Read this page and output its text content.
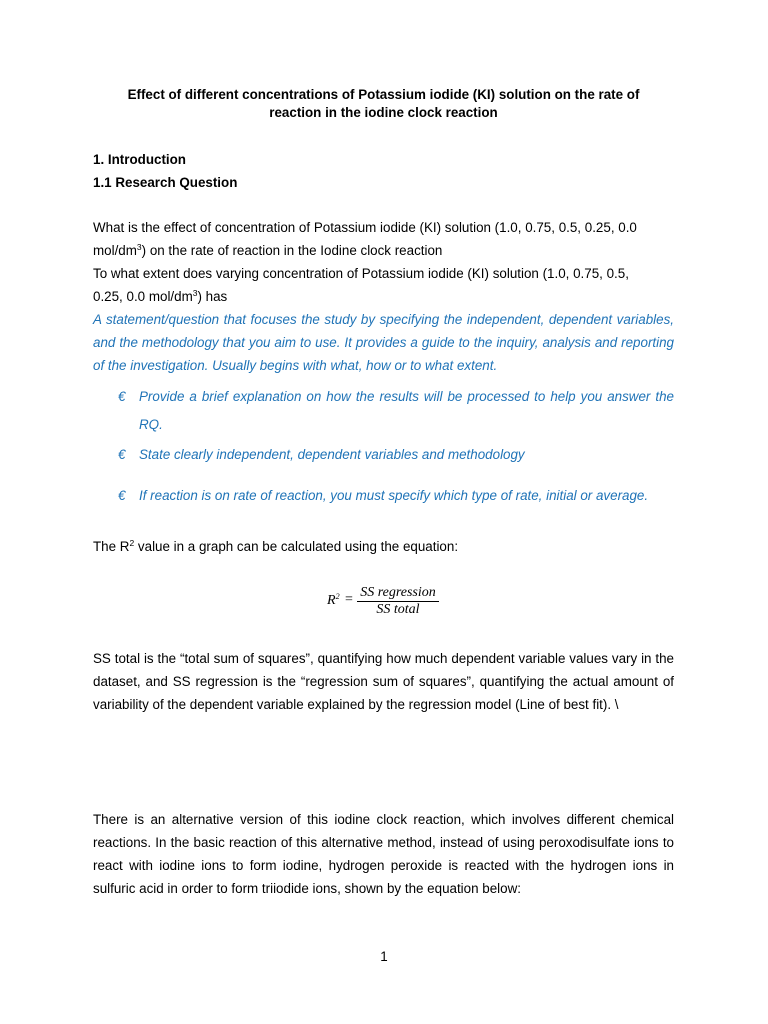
Effect of different concentrations of Potassium iodide (KI) solution on the rate of
reaction in the iodine clock reaction
1. Introduction
1.1 Research Question
What is the effect of concentration of Potassium iodide (KI) solution (1.0, 0.75, 0.5, 0.25, 0.0
mol/$dm^3$) on the rate of reaction in the Iodine clock reaction
To what extent does varying concentration of Potassium iodide (KI) solution (1.0, 0.75, 0.5,
0.25, 0.0 mol/$dm^3$) has
A statement/question that focuses the study by specifying the independent, dependent variables, and the methodology that you aim to use. It provides a guide to the inquiry, analysis and reporting of the investigation. Usually begins with what, how or to what extent.
€ Provide a brief explanation on how the results will be processed to help you answer the RQ.
€ State clearly independent, dependent variables and methodology
€ If reaction is on rate of reaction, you must specify which type of rate, initial or average.
The $R^2$ value in a graph can be calculated using the equation:
$R^2$ = SS regression
SS total
SS total is the “total sum of squares”, quantifying how much dependent variable values vary in the dataset, and SS regression is the “regression sum of squares”, quantifying the actual amount of variability of the dependent variable explained by the regression model (Line of best fit). \
There is an alternative version of this iodine clock reaction, which involves different chemical reactions. In the basic reaction of this alternative method, instead of using peroxodisulfate ions to react with iodine ions to form iodine, hydrogen peroxide is reacted with the hydrogen ions in sulfuric acid in order to form triiodide ions, shown by the equation below:
1
